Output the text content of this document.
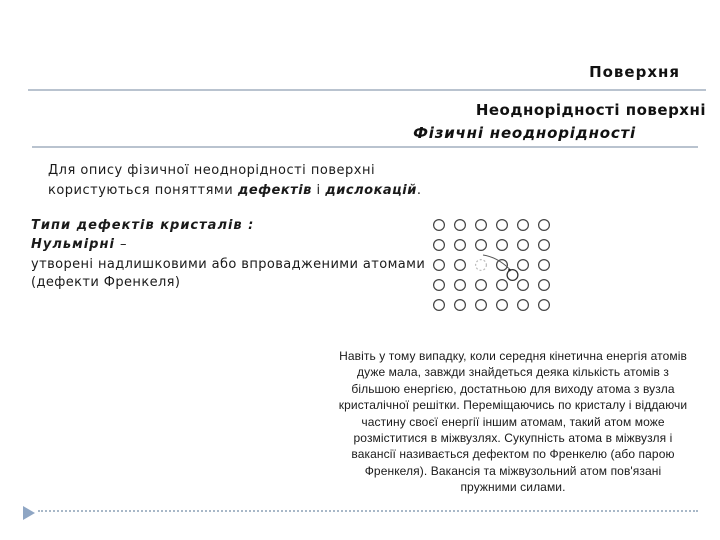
Поверхня
Неоднорідності поверхні
Фізичні неоднорідності
Для опису фізичної неоднорідності поверхні користуються поняттями дефектів і дислокацій.
Типи дефектів кристалів :
Нульмірні –
утворені надлишковими або впровадженими атомами
(дефекти Френкеля)
Навіть у тому випадку, коли середня кінетична енергія атомів дуже мала, завжди знайдеться деяка кількість атомів з більшою енергією, достатньою для виходу атома з вузла кристалічної решітки. Переміщаючись по кристалу і віддаючи частину своєї енергії іншим атомам, такий атом може розміститися в міжвузлях. Сукупність атома в міжвузля і вакансії називається дефектом по Френкелю (або парою Френкеля). Вакансія та міжвузольний атом пов'язані пружними силами.
